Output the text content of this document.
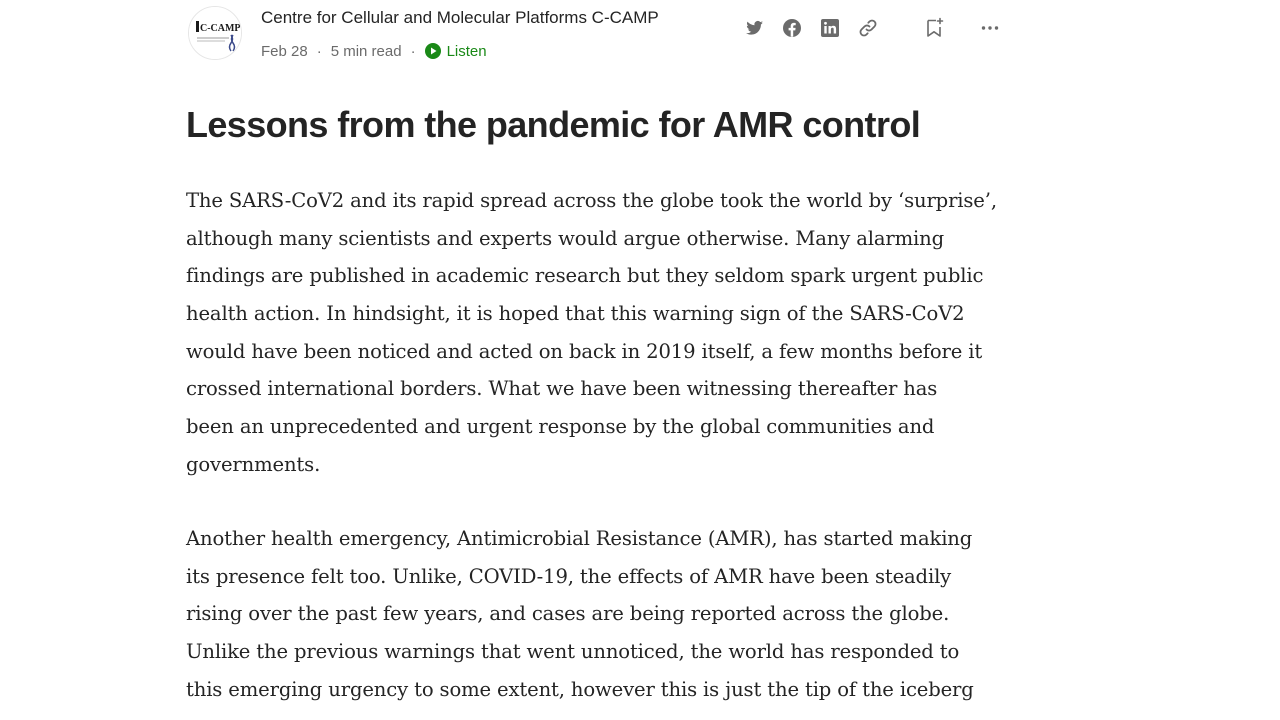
C-CAMP
Centre for Cellular and Molecular Platforms C-CAMP
Feb 28 · 5 min read · Listen
Lessons from the pandemic for AMR control
The SARS-CoV2 and its rapid spread across the globe took the world by ‘surprise’,
although many scientists and experts would argue otherwise. Many alarming
findings are published in academic research but they seldom spark urgent public
health action. In hindsight, it is hoped that this warning sign of the SARS-CoV2
would have been noticed and acted on back in 2019 itself, a few months before it
crossed international borders. What we have been witnessing thereafter has
been an unprecedented and urgent response by the global communities and
governments.
Another health emergency, Antimicrobial Resistance (AMR), has started making
its presence felt too. Unlike, COVID-19, the effects of AMR have been steadily
rising over the past few years, and cases are being reported across the globe.
Unlike the previous warnings that went unnoticed, the world has responded to
this emerging urgency to some extent, however this is just the tip of the iceberg
